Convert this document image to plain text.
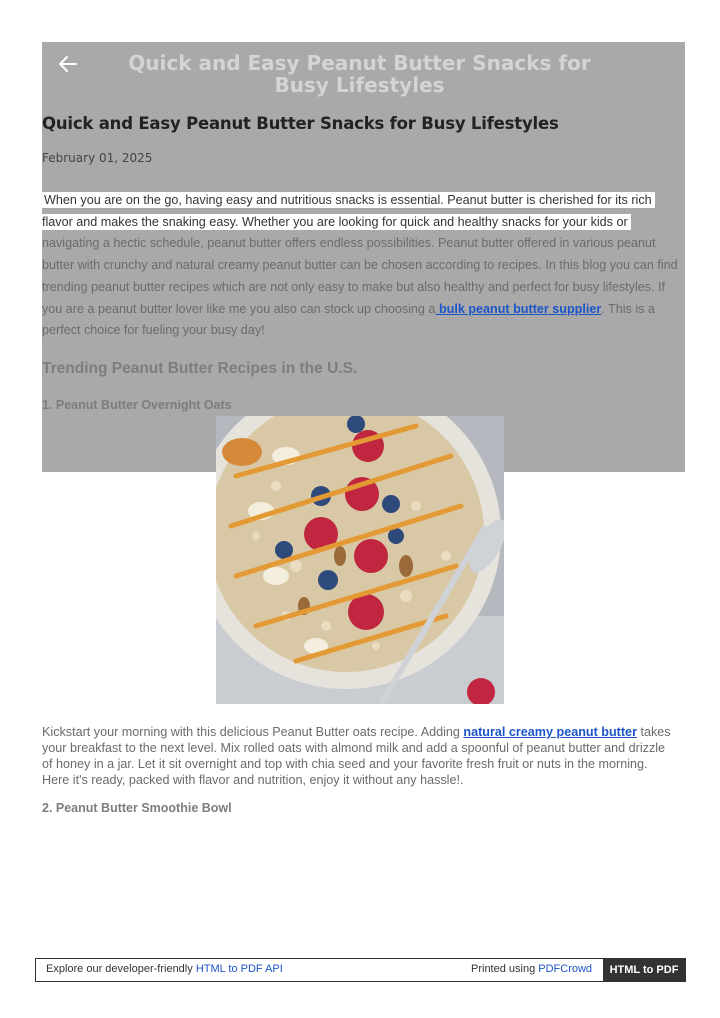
Quick and Easy Peanut Butter Snacks for Busy Lifestyles
Quick and Easy Peanut Butter Snacks for Busy Lifestyles
February 01, 2025
When you are on the go, having easy and nutritious snacks is essential. Peanut butter is cherished for its rich
flavor and makes the snaking easy. Whether you are looking for quick and healthy snacks for your kids or
navigating a hectic schedule, peanut butter offers endless possibilities. Peanut butter offered in various peanut butter with crunchy and natural creamy peanut butter can be chosen according to recipes. In this blog you can find trending peanut butter recipes which are not only easy to make but also healthy and perfect for busy lifestyles. If you are a peanut butter lover like me you also can stock up choosing a bulk peanut butter supplier. This is a perfect choice for fueling your busy day!
Trending Peanut Butter Recipes in the U.S.
1. Peanut Butter Overnight Oats

Kickstart your morning with this delicious Peanut Butter oats recipe. Adding natural creamy peanut butter takes your breakfast to the next level. Mix rolled oats with almond milk and add a spoonful of peanut butter and drizzle of honey in a jar. Let it sit overnight and top with chia seed and your favorite fresh fruit or nuts in the morning. Here it's ready, packed with flavor and nutrition, enjoy it without any hassle!.

2. Peanut Butter Smoothie Bowl
Explore our developer-friendly HTML to PDF API	Printed using PDFCrowd	HTML to PDF
